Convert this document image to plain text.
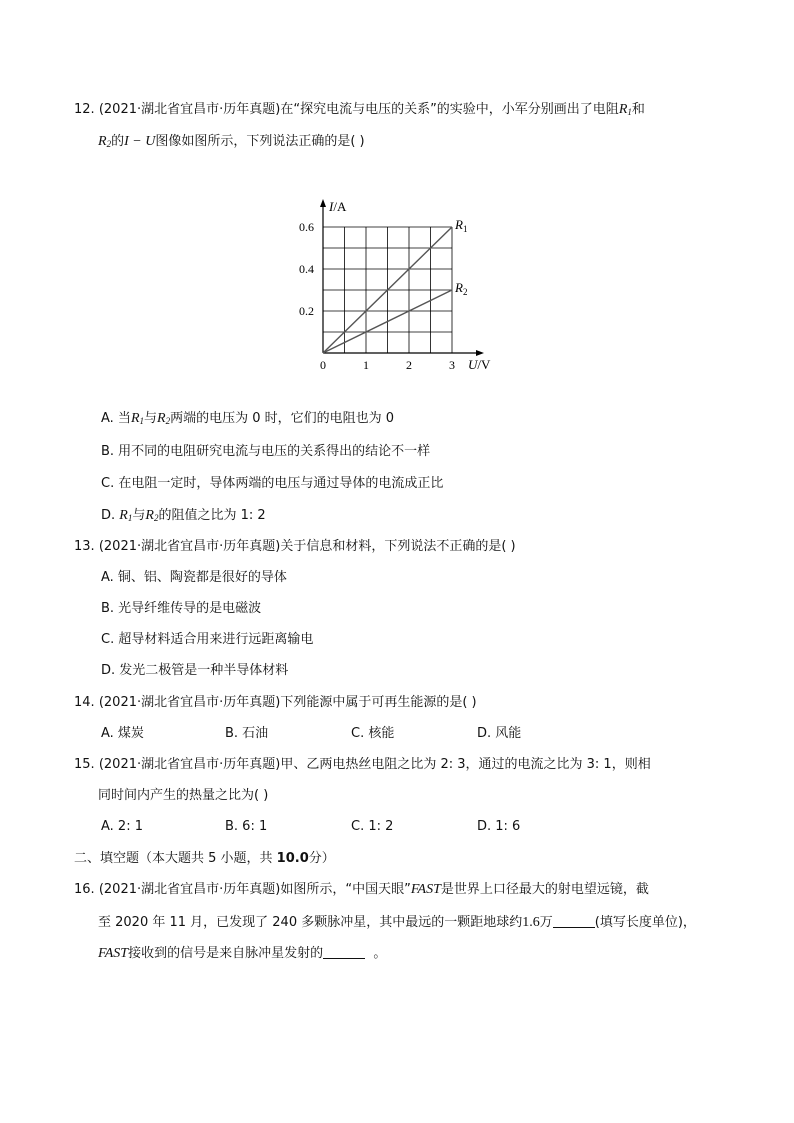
12. (2021·湖北省宜昌市·历年真题)在“探究电流与电压的关系”的实验中，小军分别画出了电阻$R_1$和
$R_2$的I − U图像如图所示，下列说法正确的是( )
I/A
U/V
0	1	2	3
0.2
0.4
0.6	$R_1$
$R_2$
A. 当$R_1$与$R_2$两端的电压为 0 时，它们的电阻也为 0
B. 用不同的电阻研究电流与电压的关系得出的结论不一样
C. 在电阻一定时，导体两端的电压与通过导体的电流成正比
D. $R_1$与$R_2$的阻值之比为 1: 2
13. (2021·湖北省宜昌市·历年真题)关于信息和材料，下列说法不正确的是( )
A. 铜、铝、陶瓷都是很好的导体
B. 光导纤维传导的是电磁波
C. 超导材料适合用来进行远距离输电
D. 发光二极管是一种半导体材料
14. (2021·湖北省宜昌市·历年真题)下列能源中属于可再生能源的是( )
A. 煤炭	B. 石油	C. 核能	D. 风能
15. (2021·湖北省宜昌市·历年真题)甲、乙两电热丝电阻之比为 2: 3，通过的电流之比为 3: 1，则相
同时间内产生的热量之比为( )
A. 2: 1	B. 6: 1	C. 1: 2	D. 1: 6
二、填空题（本大题共 5 小题，共 10.0分）
16. (2021·湖北省宜昌市·历年真题)如图所示，“中国天眼”FAST是世界上口径最大的射电望远镜，截
至 2020 年 11 月，已发现了 240 多颗脉冲星，其中最远的一颗距地球约1.6万	(填写长度单位)，
FAST接收到的信号是来自脉冲星发射的	。
